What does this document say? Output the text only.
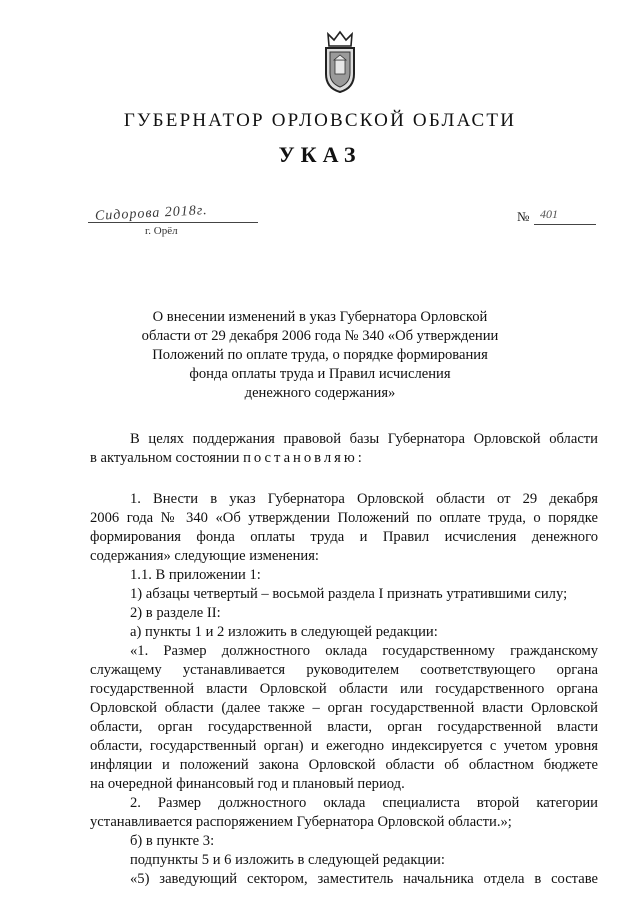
ГУБЕРНАТОР ОРЛОВСКОЙ ОБЛАСТИ
УКАЗ
Сидорова 2018г.
г. Орёл
№ 401
О внесении изменений в указ Губернатора Орловской
области от 29 декабря 2006 года № 340 «Об утверждении
Положений по оплате труда, о порядке формирования
фонда оплаты труда и Правил исчисления
денежного содержания»
В целях поддержания правовой базы Губернатора Орловской области
в актуальном состоянии постановляю:
1. Внести в указ Губернатора Орловской области от 29 декабря
2006 года № 340 «Об утверждении Положений по оплате труда, о порядке
формирования фонда оплаты труда и Правил исчисления денежного
содержания» следующие изменения:
1.1. В приложении 1:
1) абзацы четвертый – восьмой раздела I признать утратившими силу;
2) в разделе II:
а) пункты 1 и 2 изложить в следующей редакции:
«1. Размер должностного оклада государственному гражданскому
служащему устанавливается руководителем соответствующего органа
государственной власти Орловской области или государственного органа
Орловской области (далее также – орган государственной власти Орловской
области, орган государственной власти, орган государственной власти
области, государственный орган) и ежегодно индексируется с учетом уровня
инфляции и положений закона Орловской области об областном бюджете
на очередной финансовый год и плановый период.
2. Размер должностного оклада специалиста второй категории
устанавливается распоряжением Губернатора Орловской области.»;
б) в пункте 3:
подпункты 5 и 6 изложить в следующей редакции:
«5) заведующий сектором, заместитель начальника отдела в составе
